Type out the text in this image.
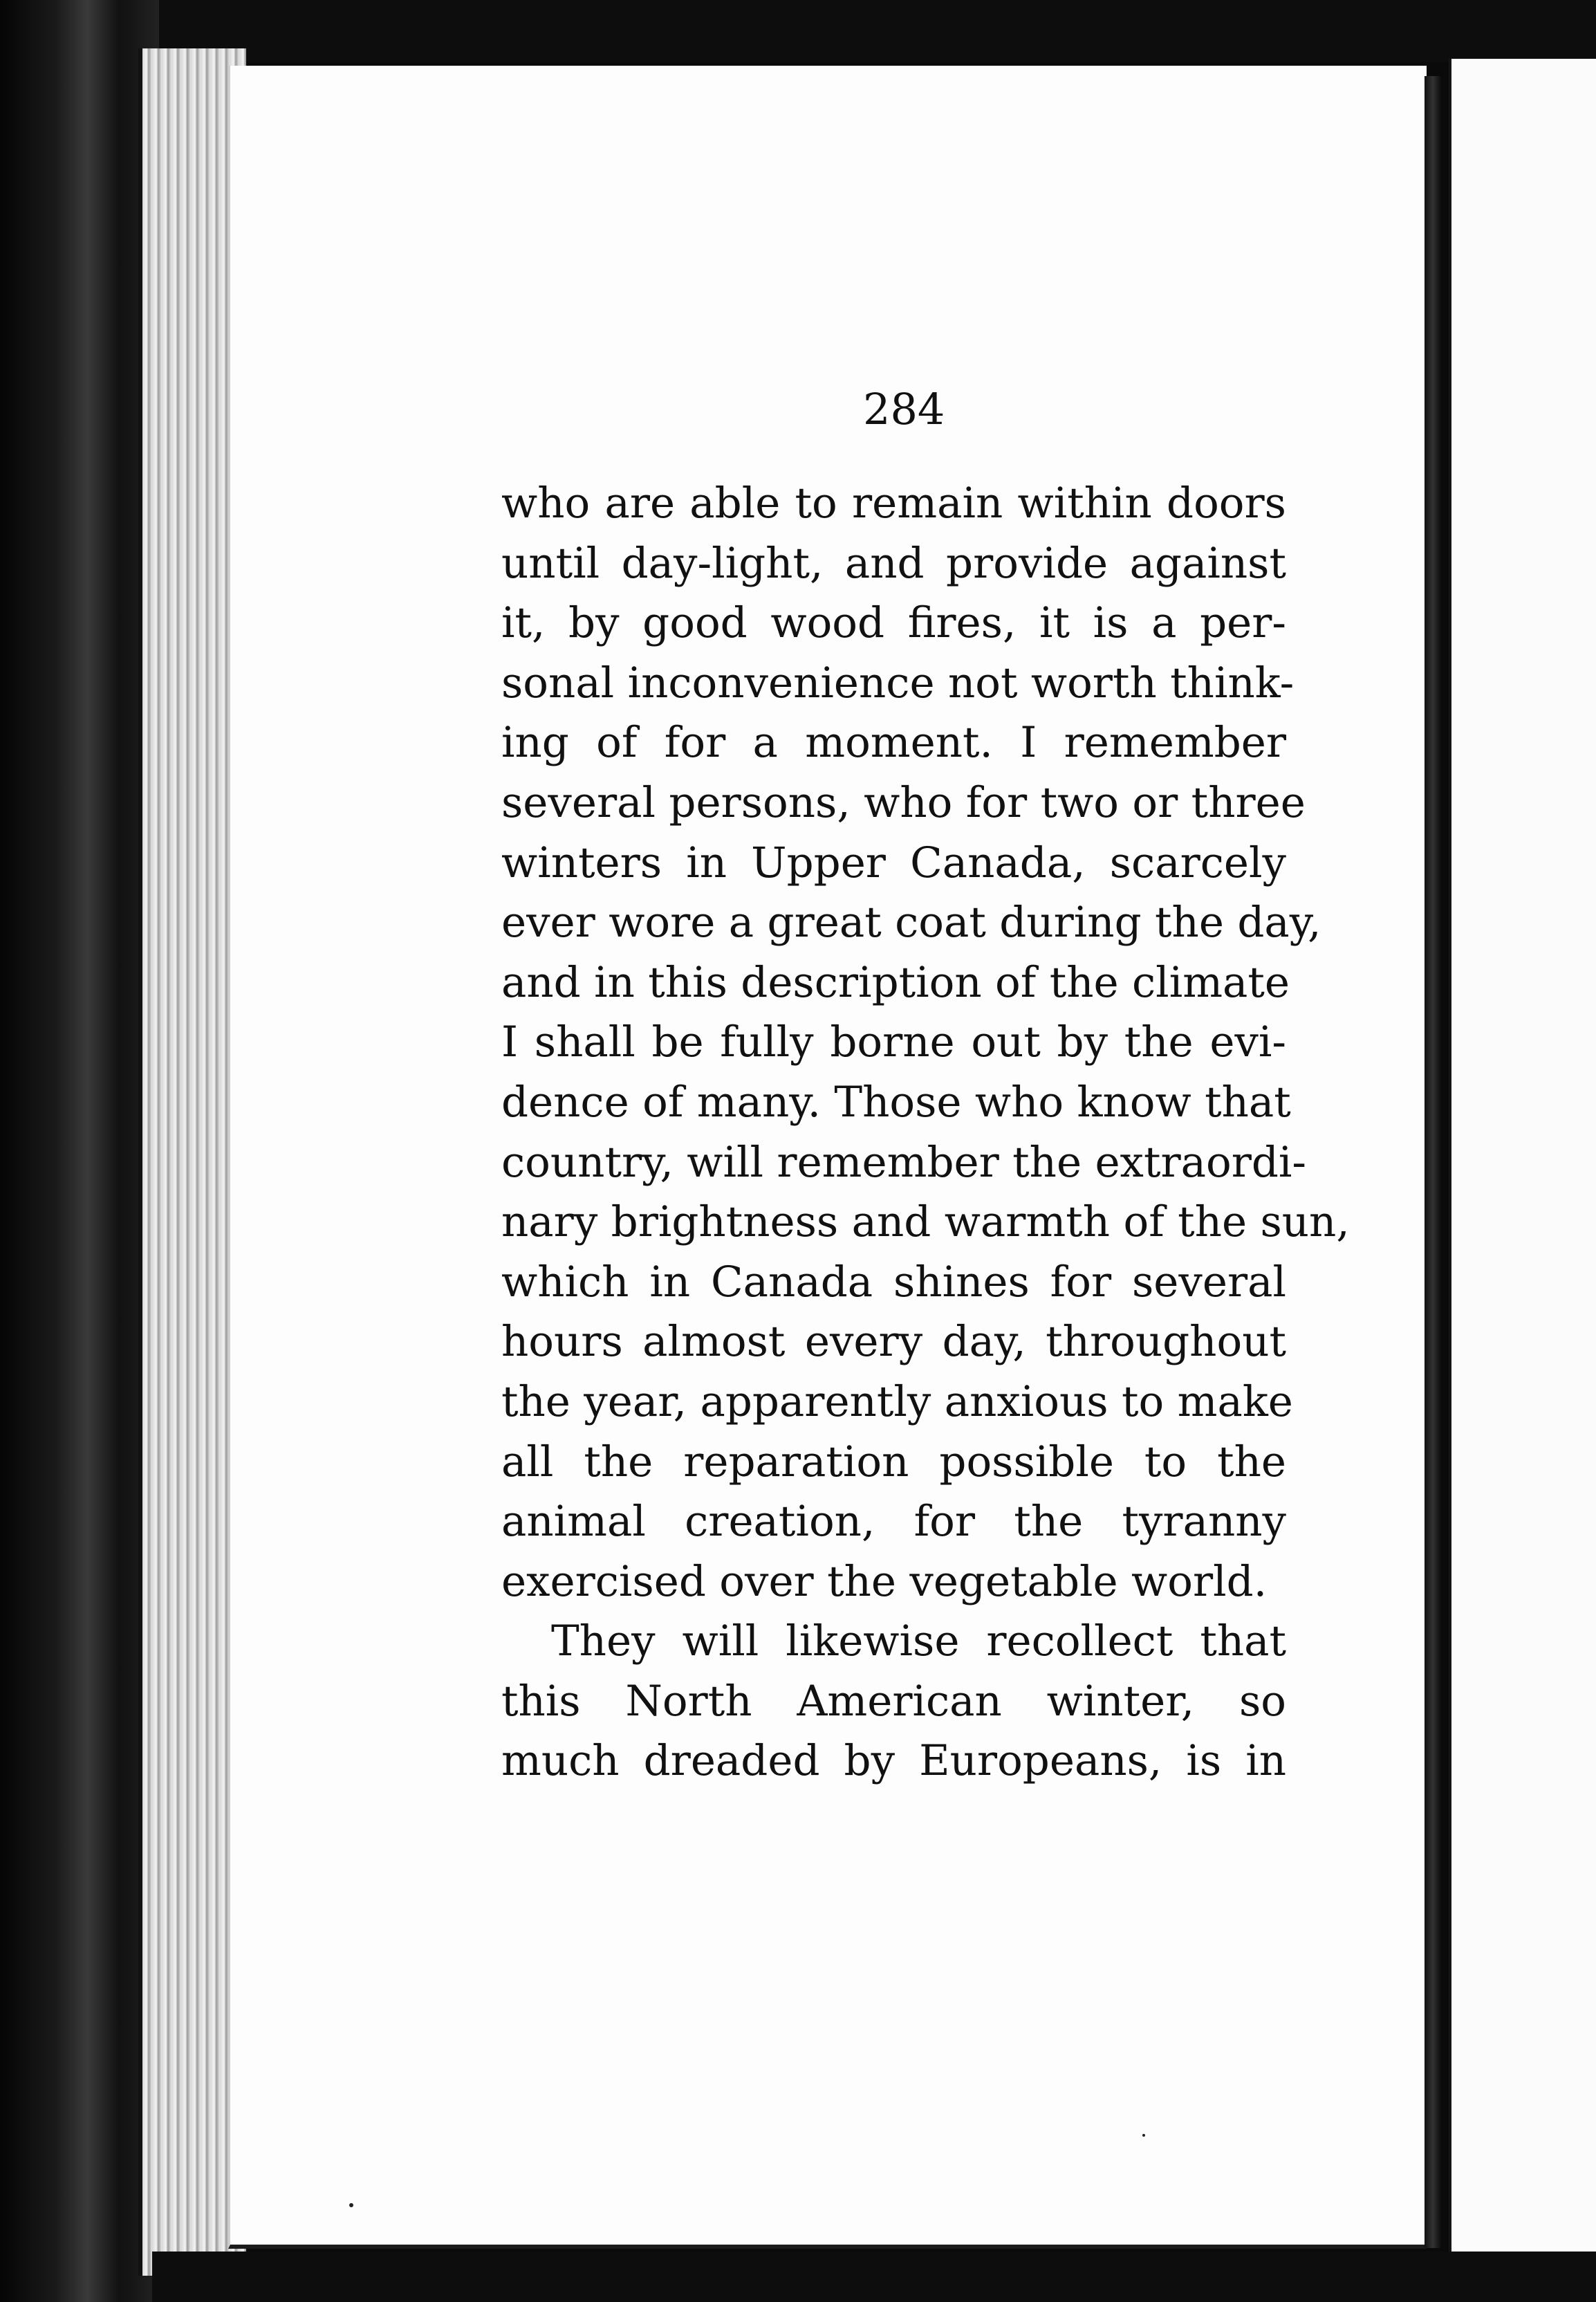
284
who are able to remain within doors
until day-light, and provide against
it, by good wood fires, it is a per-
sonal inconvenience not worth think-
ing of for a moment. I remember
several persons, who for two or three
winters in Upper Canada, scarcely
ever wore a great coat during the day,
and in this description of the climate
I shall be fully borne out by the evi-
dence of many. Those who know that
country, will remember the extraordi-
nary brightness and warmth of the sun,
which in Canada shines for several
hours almost every day, throughout
the year, apparently anxious to make
all the reparation possible to the
animal creation, for the tyranny
exercised over the vegetable world.
They will likewise recollect that
this North American winter, so
much dreaded by Europeans, is in
